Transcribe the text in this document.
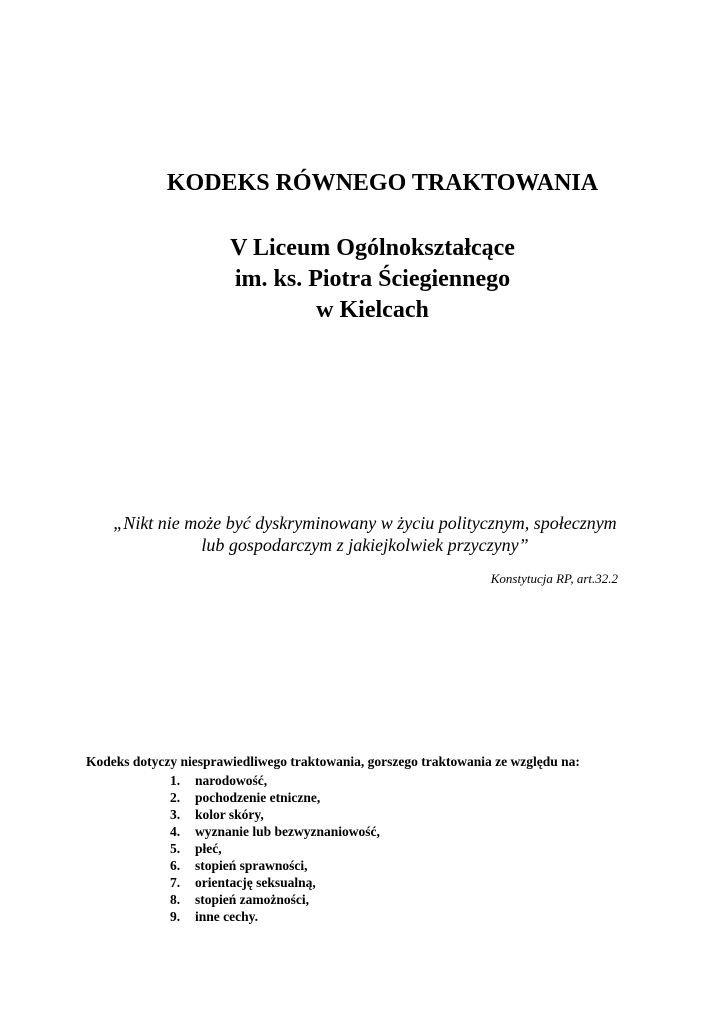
KODEKS RÓWNEGO TRAKTOWANIA
V Liceum Ogólnokształcące
im. ks. Piotra Ściegiennego
w Kielcach
„Nikt nie może być dyskryminowany w życiu politycznym, społecznym
lub gospodarczym z jakiejkolwiek przyczyny”
Konstytucja RP, art.32.2
Kodeks dotyczy niesprawiedliwego traktowania, gorszego traktowania ze względu na:
1.	narodowość,
2.	pochodzenie etniczne,
3.	kolor skóry,
4.	wyznanie lub bezwyznaniowość,
5.	płeć,
6.	stopień sprawności,
7.	orientację seksualną,
8.	stopień zamożności,
9.	inne cechy.
